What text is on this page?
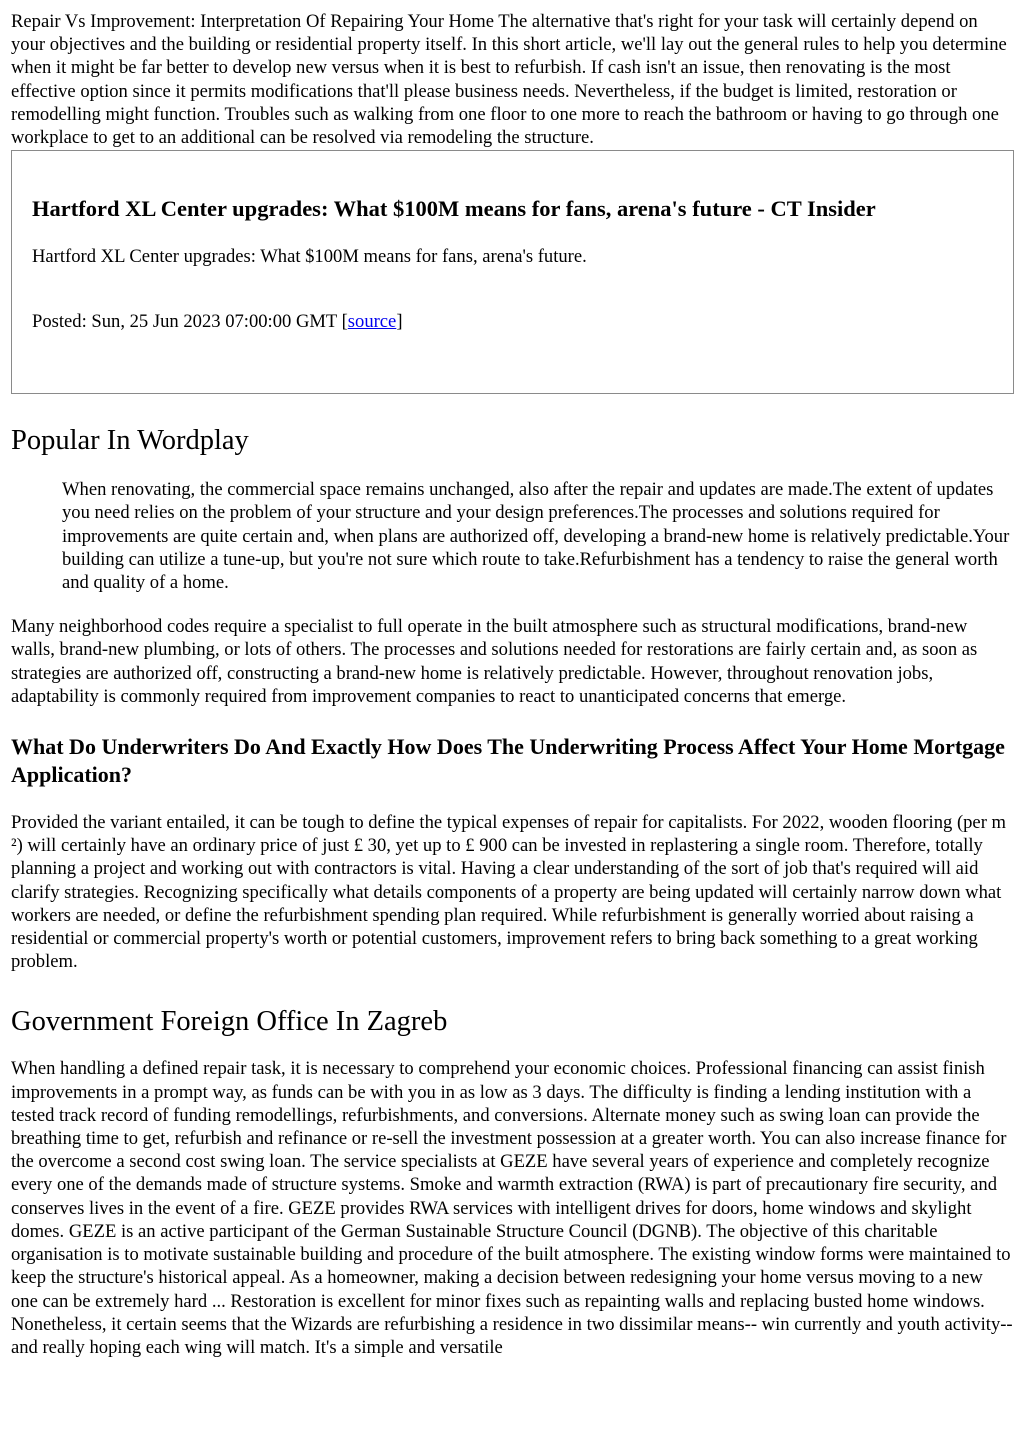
Repair Vs Improvement: Interpretation Of Repairing Your Home The alternative that's right for your task will certainly depend on your objectives and the building or residential property itself. In this short article, we'll lay out the general rules to help you determine when it might be far better to develop new versus when it is best to refurbish. If cash isn't an issue, then renovating is the most effective option since it permits modifications that'll please business needs. Nevertheless, if the budget is limited, restoration or remodelling might function. Troubles such as walking from one floor to one more to reach the bathroom or having to go through one workplace to get to an additional can be resolved via remodeling the structure.

Hartford XL Center upgrades: What $100M means for fans, arena's future - CT Insider

Hartford XL Center upgrades: What $100M means for fans, arena's future.

Posted: Sun, 25 Jun 2023 07:00:00 GMT [source]

Popular In Wordplay
When renovating, the commercial space remains unchanged, also after the repair and updates are made.The extent of updates you need relies on the problem of your structure and your design preferences.The processes and solutions required for improvements are quite certain and, when plans are authorized off, developing a brand-new home is relatively predictable.Your building can utilize a tune-up, but you're not sure which route to take.Refurbishment has a tendency to raise the general worth and quality of a home.

Many neighborhood codes require a specialist to full operate in the built atmosphere such as structural modifications, brand-new walls, brand-new plumbing, or lots of others. The processes and solutions needed for restorations are fairly certain and, as soon as strategies are authorized off, constructing a brand-new home is relatively predictable. However, throughout renovation jobs, adaptability is commonly required from improvement companies to react to unanticipated concerns that emerge.

What Do Underwriters Do And Exactly How Does The Underwriting Process Affect Your Home Mortgage Application?

Provided the variant entailed, it can be tough to define the typical expenses of repair for capitalists. For 2022, wooden flooring (per m ²) will certainly have an ordinary price of just £ 30, yet up to £ 900 can be invested in replastering a single room. Therefore, totally planning a project and working out with contractors is vital. Having a clear understanding of the sort of job that's required will aid clarify strategies. Recognizing specifically what details components of a property are being updated will certainly narrow down what workers are needed, or define the refurbishment spending plan required. While refurbishment is generally worried about raising a residential or commercial property's worth or potential customers, improvement refers to bring back something to a great working problem.

Government Foreign Office In Zagreb

When handling a defined repair task, it is necessary to comprehend your economic choices. Professional financing can assist finish improvements in a prompt way, as funds can be with you in as low as 3 days. The difficulty is finding a lending institution with a tested track record of funding remodellings, refurbishments, and conversions. Alternate money such as swing loan can provide the breathing time to get, refurbish and refinance or re-sell the investment possession at a greater worth. You can also increase finance for the overcome a second cost swing loan. The service specialists at GEZE have several years of experience and completely recognize every one of the demands made of structure systems. Smoke and warmth extraction (RWA) is part of precautionary fire security, and conserves lives in the event of a fire. GEZE provides RWA services with intelligent drives for doors, home windows and skylight domes. GEZE is an active participant of the German Sustainable Structure Council (DGNB). The objective of this charitable organisation is to motivate sustainable building and procedure of the built atmosphere. The existing window forms were maintained to keep the structure's historical appeal. As a homeowner, making a decision between redesigning your home versus moving to a new one can be extremely hard ... Restoration is excellent for minor fixes such as repainting walls and replacing busted home windows. Nonetheless, it certain seems that the Wizards are refurbishing a residence in two dissimilar means-- win currently and youth activity-- and really hoping each wing will match. It's a simple and versatile
